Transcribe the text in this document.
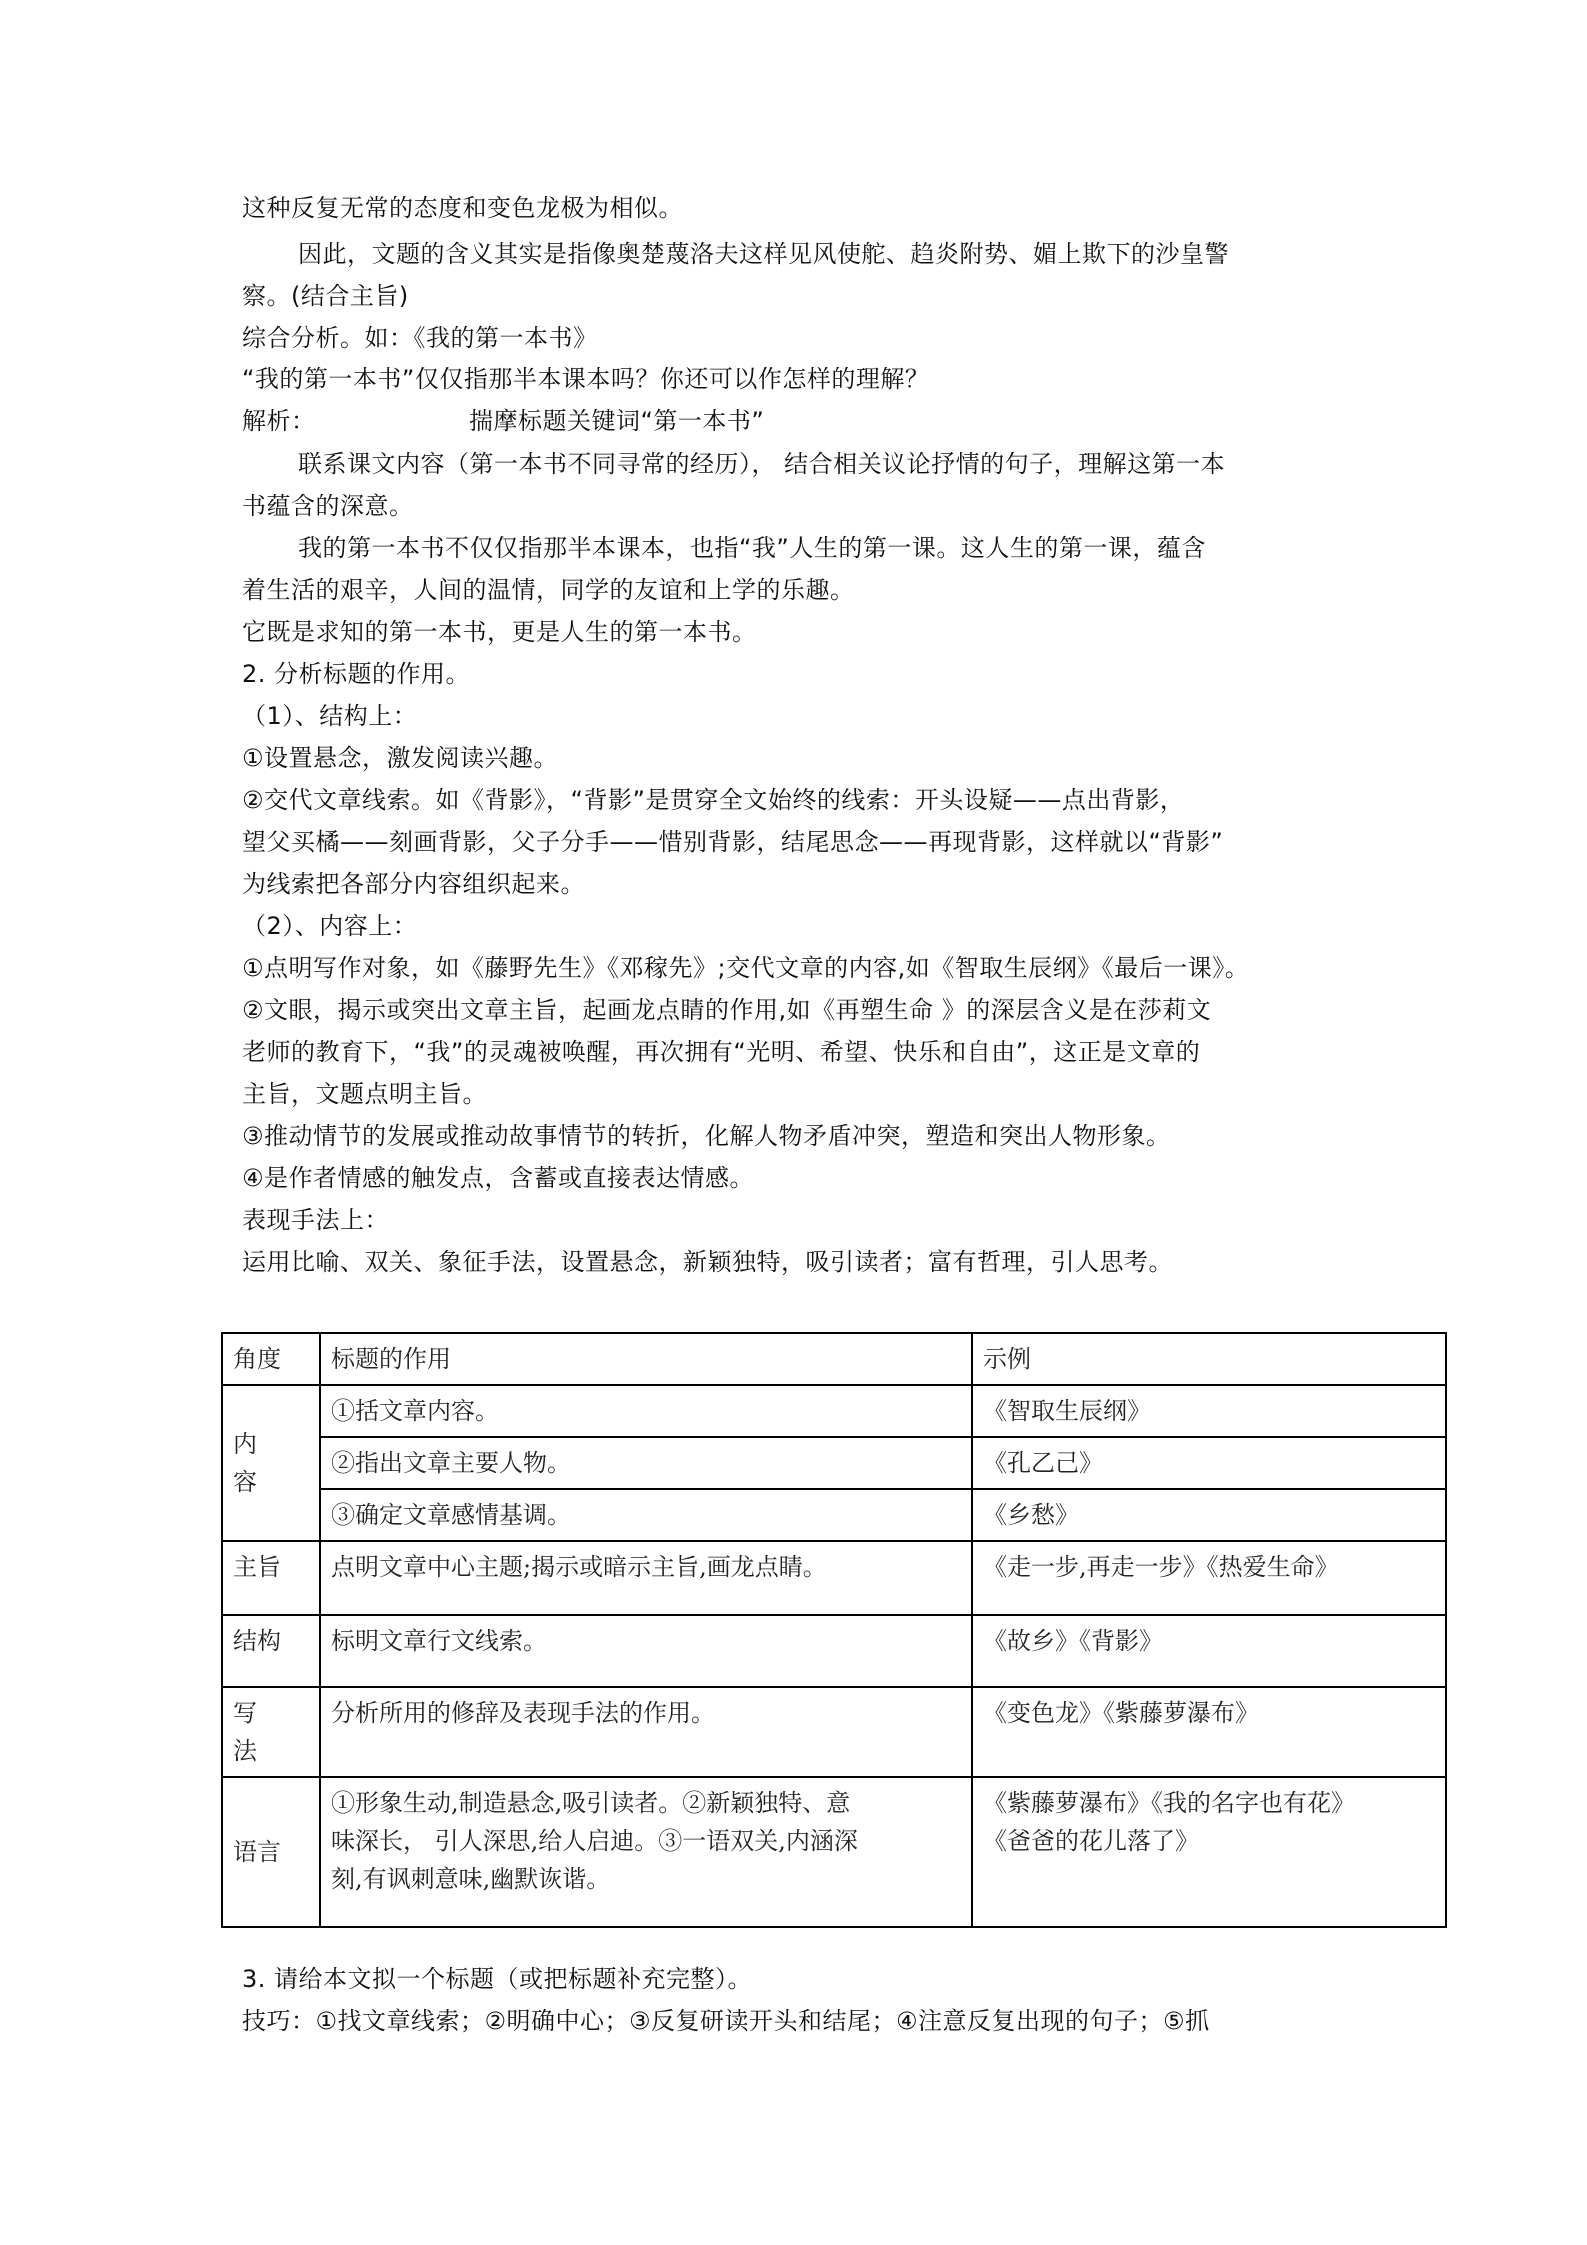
这种反复无常的态度和变色龙极为相似。
因此，文题的含义其实是指像奥楚蔑洛夫这样见风使舵、趋炎附势、媚上欺下的沙皇警
察。(结合主旨)
综合分析。如：《我的第一本书》
“我的第一本书”仅仅指那半本课本吗？你还可以作怎样的理解？
解析：	揣摩标题关键词“第一本书”
联系课文内容（第一本书不同寻常的经历）， 结合相关议论抒情的句子，理解这第一本
书蕴含的深意。
我的第一本书不仅仅指那半本课本，也指“我”人生的第一课。这人生的第一课，蕴含
着生活的艰辛，人间的温情，同学的友谊和上学的乐趣。
它既是求知的第一本书，更是人生的第一本书。
2. 分析标题的作用。
（1）、结构上：
①设置悬念，激发阅读兴趣。
②交代文章线索。如《背影》，“背影”是贯穿全文始终的线索：开头设疑——点出背影，
望父买橘——刻画背影，父子分手——惜别背影，结尾思念——再现背影，这样就以“背影”
为线索把各部分内容组织起来。
（2）、内容上：
①点明写作对象，如《藤野先生》《邓稼先》;交代文章的内容,如《智取生辰纲》《最后一课》。
②文眼，揭示或突出文章主旨，起画龙点睛的作用,如《再塑生命 》的深层含义是在莎莉文
老师的教育下，“我”的灵魂被唤醒，再次拥有“光明、希望、快乐和自由”，这正是文章的
主旨，文题点明主旨。
③推动情节的发展或推动故事情节的转折，化解人物矛盾冲突，塑造和突出人物形象。
④是作者情感的触发点，含蓄或直接表达情感。
表现手法上：
运用比喻、双关、象征手法，设置悬念，新颖独特，吸引读者；富有哲理，引人思考。
角度	标题的作用	示例
内
容	①括文章内容。	《智取生辰纲》
	②指出文章主要人物。	《孔乙己》
	③确定文章感情基调。	《乡愁》
主旨	点明文章中心主题;揭示或暗示主旨,画龙点睛。	《走一步,再走一步》《热爱生命》
结构	标明文章行文线索。	《故乡》《背影》
写
法	分析所用的修辞及表现手法的作用。	《变色龙》《紫藤萝瀑布》
语言	①形象生动,制造悬念,吸引读者。②新颖独特、意
味深长， 引人深思,给人启迪。③一语双关,内涵深
刻,有讽刺意味,幽默诙谐。	《紫藤萝瀑布》《我的名字也有花》
《爸爸的花儿落了》
3. 请给本文拟一个标题（或把标题补充完整）。
技巧：①找文章线索；②明确中心；③反复研读开头和结尾；④注意反复出现的句子；⑤抓
